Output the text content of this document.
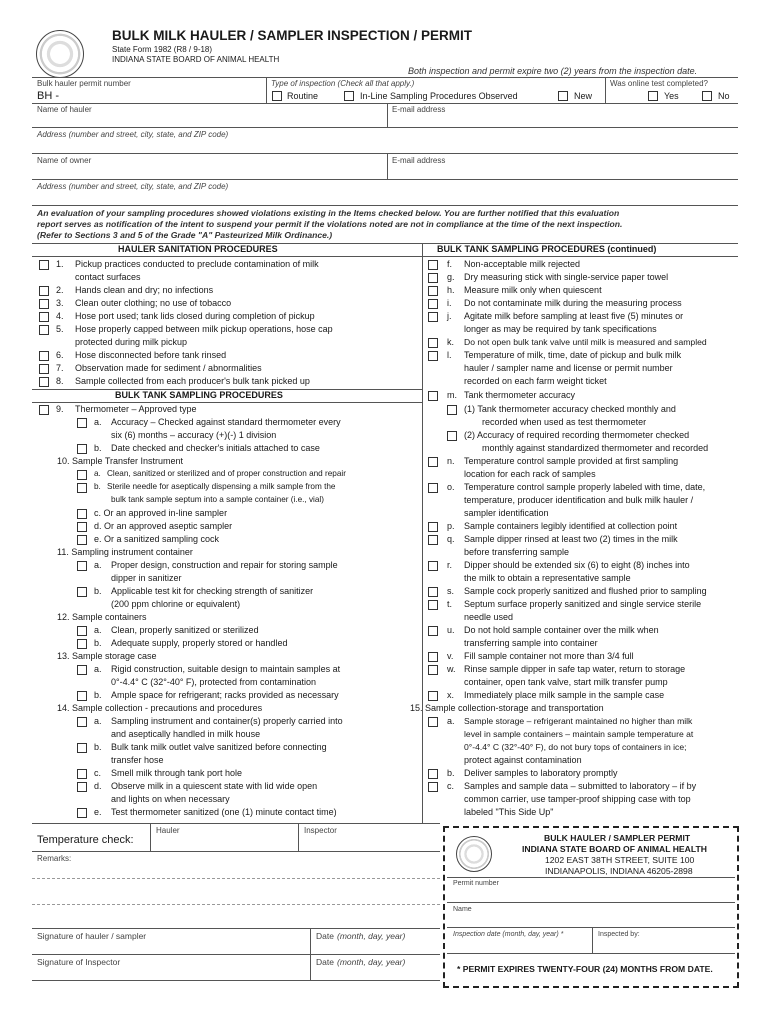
BULK MILK HAULER / SAMPLER INSPECTION / PERMIT
State Form 1982 (R8 / 9-18)
INDIANA STATE BOARD OF ANIMAL HEALTH
Both inspection and permit expire two (2) years from the inspection date.
Bulk hauler permit number
BH -
Type of inspection (Check all that apply.)
Routine	In-Line Sampling Procedures Observed	New
Was online test completed?
Yes	No
Name of hauler	E-mail address
Address (number and street, city, state, and ZIP code)
Name of owner	E-mail address
Address (number and street, city, state, and ZIP code)
An evaluation of your sampling procedures showed violations existing in the Items checked below. You are further notified that this evaluation
report serves as notification of the intent to suspend your permit if the violations noted are not in compliance at the time of the next inspection.
(Refer to Sections 3 and 5 of the Grade "A" Pasteurized Milk Ordinance.)
HAULER SANITATION PROCEDURES	BULK TANK SAMPLING PROCEDURES (continued)
1. Pickup practices conducted to preclude contamination of milk
contact surfaces
2. Hands clean and dry; no infections
3. Clean outer clothing; no use of tobacco
4. Hose port used; tank lids closed during completion of pickup
5. Hose properly capped between milk pickup operations, hose cap
protected during milk pickup
6. Hose disconnected before tank rinsed
7. Observation made for sediment / abnormalities
8. Sample collected from each producer's bulk tank picked up
BULK TANK SAMPLING PROCEDURES
9. Thermometer – Approved type
a. Accuracy – Checked against standard thermometer every
six (6) months – accuracy (+)(-) 1 division
b. Date checked and checker's initials attached to case
10. Sample Transfer Instrument
a. Clean, sanitized or sterilized and of proper construction and repair
b. Sterile needle for aseptically dispensing a milk sample from the
bulk tank sample septum into a sample container (i.e., vial)
c. Or an approved in-line sampler
d. Or an approved aseptic sampler
e. Or a sanitized sampling cock
11. Sampling instrument container
a. Proper design, construction and repair for storing sample
dipper in sanitizer
b. Applicable test kit for checking strength of sanitizer
(200 ppm chlorine or equivalent)
12. Sample containers
a. Clean, properly sanitized or sterilized
b. Adequate supply, properly stored or handled
13. Sample storage case
a. Rigid construction, suitable design to maintain samples at
0°-4.4° C (32°-40° F), protected from contamination
b. Ample space for refrigerant; racks provided as necessary
14. Sample collection - precautions and procedures
a. Sampling instrument and container(s) properly carried into
and aseptically handled in milk house
b. Bulk tank milk outlet valve sanitized before connecting
transfer hose
c. Smell milk through tank port hole
d. Observe milk in a quiescent state with lid wide open
and lights on when necessary
e. Test thermometer sanitized (one (1) minute contact time)
f. Non-acceptable milk rejected
g. Dry measuring stick with single-service paper towel
h. Measure milk only when quiescent
i. Do not contaminate milk during the measuring process
j. Agitate milk before sampling at least five (5) minutes or
longer as may be required by tank specifications
k. Do not open bulk tank valve until milk is measured and sampled
l. Temperature of milk, time, date of pickup and bulk milk
hauler / sampler name and license or permit number
recorded on each farm weight ticket
m. Tank thermometer accuracy
(1) Tank thermometer accuracy checked monthly and
recorded when used as test thermometer
(2) Accuracy of required recording thermometer checked
monthly against standardized thermometer and recorded
n. Temperature control sample provided at first sampling
location for each rack of samples
o. Temperature control sample properly labeled with time, date,
temperature, producer identification and bulk milk hauler /
sampler identification
p. Sample containers legibly identified at collection point
q. Sample dipper rinsed at least two (2) times in the milk
before transferring sample
r. Dipper should be extended six (6) to eight (8) inches into
the milk to obtain a representative sample
s. Sample cock properly sanitized and flushed prior to sampling
t. Septum surface properly sanitized and single service sterile
needle used
u. Do not hold sample container over the milk when
transferring sample into container
v. Fill sample container not more than 3/4 full
w. Rinse sample dipper in safe tap water, return to storage
container, open tank valve, start milk transfer pump
x. Immediately place milk sample in the sample case
15. Sample collection-storage and transportation
a. Sample storage – refrigerant maintained no higher than milk
level in sample containers – maintain sample temperature at
0°-4.4° C (32°-40° F), do not bury tops of containers in ice;
protect against contamination
b. Deliver samples to laboratory promptly
c. Samples and sample data – submitted to laboratory – if by
common carrier, use tamper-proof shipping case with top
labeled "This Side Up"
Temperature check:
Hauler	Inspector
Remarks:
Signature of hauler / sampler	Date (month, day, year)
Signature of Inspector	Date (month, day, year)
BULK HAULER / SAMPLER PERMIT
INDIANA STATE BOARD OF ANIMAL HEALTH
1202 EAST 38TH STREET, SUITE 100
INDIANAPOLIS, INDIANA 46205-2898
Permit number
Name
Inspection date (month, day, year) *	Inspected by:
* PERMIT EXPIRES TWENTY-FOUR (24) MONTHS FROM DATE.
